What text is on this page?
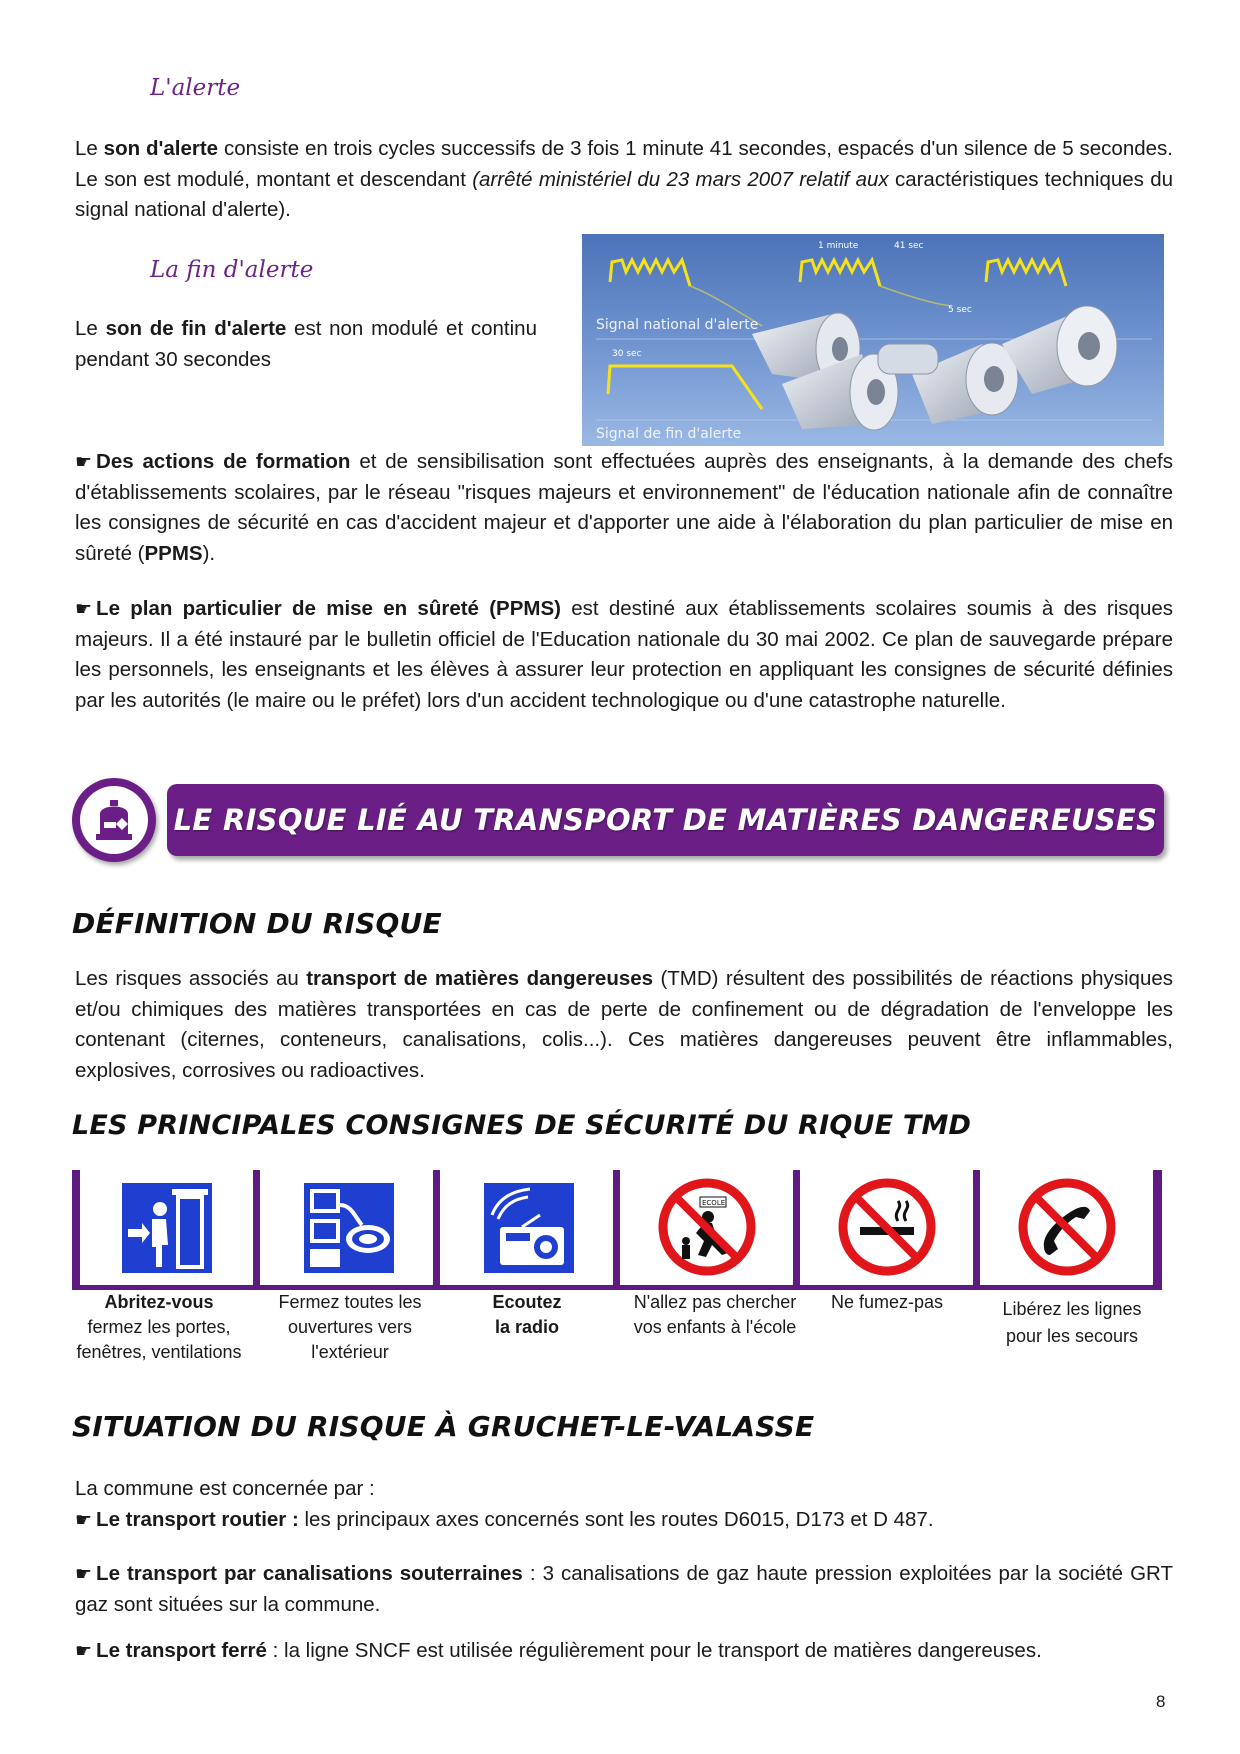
L'alerte
Le son d'alerte consiste en trois cycles successifs de 3 fois 1 minute 41 secondes, espacés d'un silence de 5 secondes. Le son est modulé, montant et descendant (arrêté ministériel du 23 mars 2007 relatif aux caractéristiques techniques du signal national d'alerte).
La fin d'alerte
Le son de fin d'alerte est non modulé et continu pendant 30 secondes
1 minute	41 sec
5 sec
Signal national d'alerte
30 sec
Signal de fin d'alerte
☛ Des actions de formation et de sensibilisation sont effectuées auprès des enseignants, à la demande des chefs d'établissements scolaires, par le réseau "risques majeurs et environnement" de l'éducation nationale afin de connaître les consignes de sécurité en cas d'accident majeur et d'apporter une aide à l'élaboration du plan particulier de mise en sûreté (PPMS).
☛ Le plan particulier de mise en sûreté (PPMS) est destiné aux établissements scolaires soumis à des risques majeurs. Il a été instauré par le bulletin officiel de l'Education nationale du 30 mai 2002. Ce plan de sauvegarde prépare les personnels, les enseignants et les élèves à assurer leur protection en appliquant les consignes de sécurité définies par les autorités (le maire ou le préfet) lors d'un accident technologique ou d'une catastrophe naturelle.
LE RISQUE LIÉ AU TRANSPORT DE MATIÈRES DANGEREUSES
DÉFINITION DU RISQUE
Les risques associés au transport de matières dangereuses (TMD) résultent des possibilités de réactions physiques et/ou chimiques des matières transportées en cas de perte de confinement ou de dégradation de l'enveloppe les contenant (citernes, conteneurs, canalisations, colis...). Ces matières dangereuses peuvent être inflammables, explosives, corrosives ou radioactives.
LES PRINCIPALES CONSIGNES DE SÉCURITÉ DU RIQUE TMD
ECOLE
Abritez-vous
fermez les portes,
fenêtres, ventilations
Fermez toutes les
ouvertures vers
l'extérieur
Ecoutez
la radio
N'allez pas chercher
vos enfants à l'école
Ne fumez-pas	Libérez les lignes
pour les secours
SITUATION DU RISQUE À GRUCHET-LE-VALASSE
La commune est concernée par :
☛ Le transport routier : les principaux axes concernés sont les routes D6015, D173 et D 487.
☛ Le transport par canalisations souterraines : 3 canalisations de gaz haute pression exploitées par la société GRT gaz sont situées sur la commune.
☛ Le transport ferré : la ligne SNCF est utilisée régulièrement pour le transport de matières dangereuses.
8
